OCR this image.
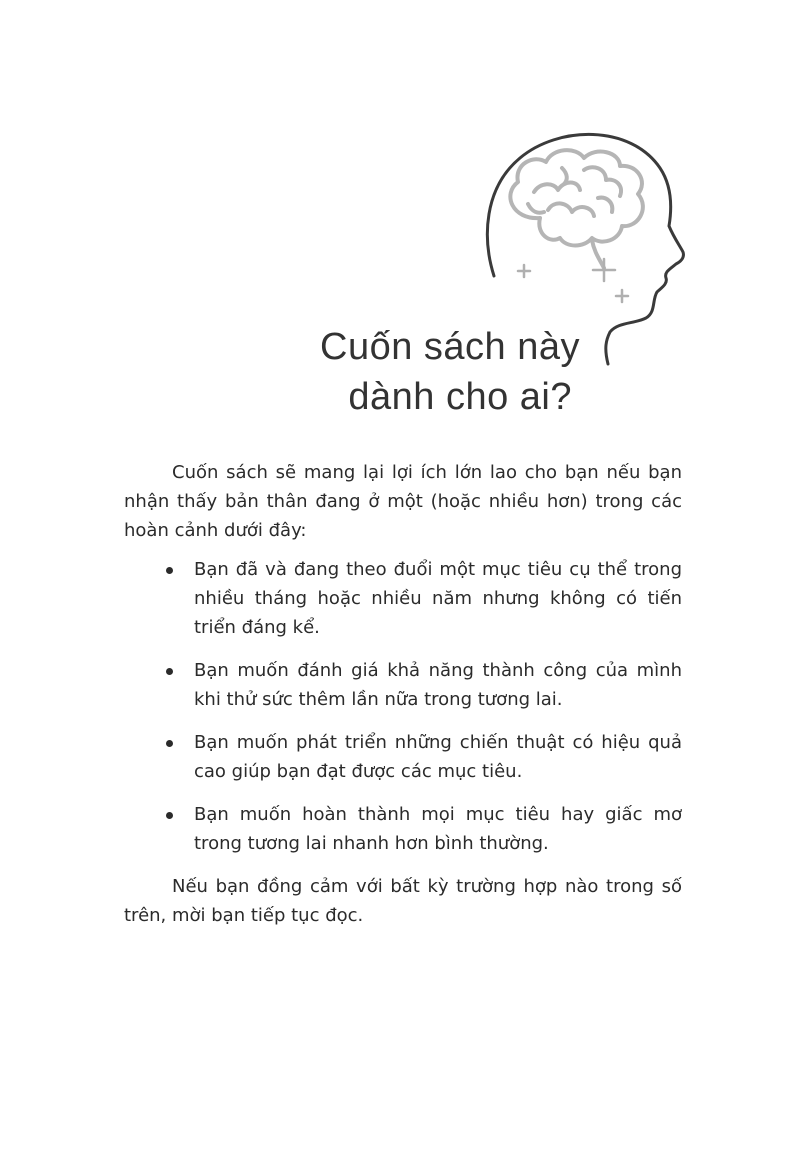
Cuốn sách này
dành cho ai?

Cuốn sách sẽ mang lại lợi ích lớn lao cho bạn nếu bạn nhận thấy bản thân đang ở một (hoặc nhiều hơn) trong các hoàn cảnh dưới đây:

Bạn đã và đang theo đuổi một mục tiêu cụ thể trong nhiều tháng hoặc nhiều năm nhưng không có tiến triển đáng kể.
Bạn muốn đánh giá khả năng thành công của mình khi thử sức thêm lần nữa trong tương lai.
Bạn muốn phát triển những chiến thuật có hiệu quả cao giúp bạn đạt được các mục tiêu.
Bạn muốn hoàn thành mọi mục tiêu hay giấc mơ trong tương lai nhanh hơn bình thường.

Nếu bạn đồng cảm với bất kỳ trường hợp nào trong số trên, mời bạn tiếp tục đọc.
